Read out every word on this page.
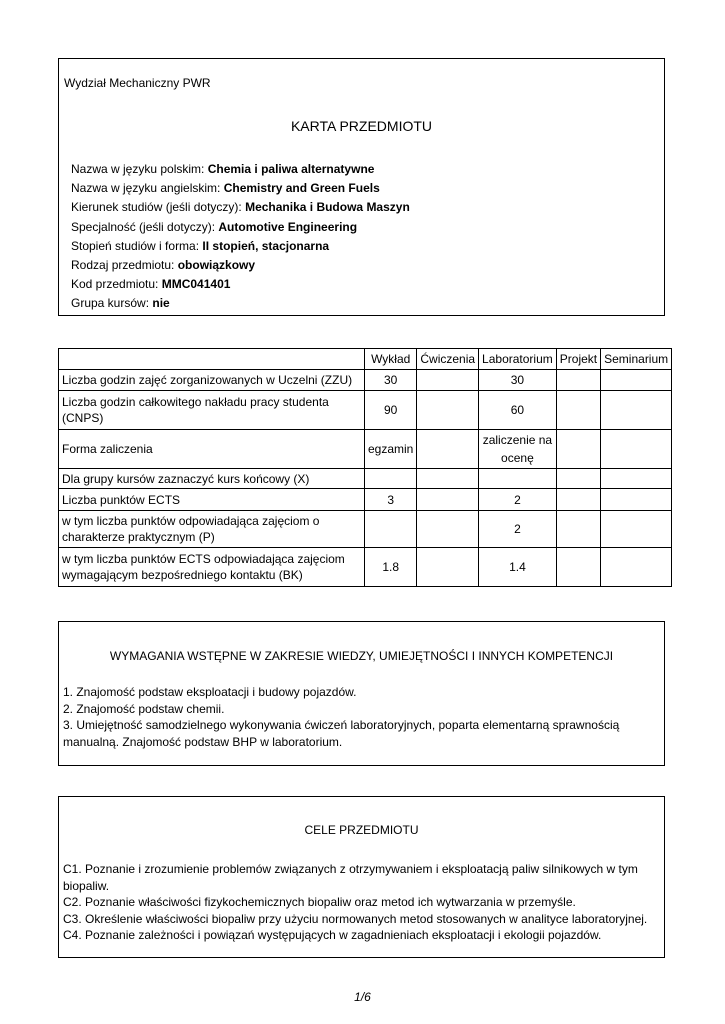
Wydział Mechaniczny PWR
KARTA PRZEDMIOTU
Nazwa w języku polskim: Chemia i paliwa alternatywne
Nazwa w języku angielskim: Chemistry and Green Fuels
Kierunek studiów (jeśli dotyczy): Mechanika i Budowa Maszyn
Specjalność (jeśli dotyczy): Automotive Engineering
Stopień studiów i forma: II stopień, stacjonarna
Rodzaj przedmiotu: obowiązkowy
Kod przedmiotu: MMC041401
Grupa kursów: nie
	Wykład	Ćwiczenia	Laboratorium	Projekt	Seminarium
Liczba godzin zajęć zorganizowanych w Uczelni (ZZU)	30		30		
Liczba godzin całkowitego nakładu pracy studenta (CNPS)	90		60		
Forma zaliczenia	egzamin		zaliczenie na ocenę		
Dla grupy kursów zaznaczyć kurs końcowy (X)					
Liczba punktów ECTS	3		2		
w tym liczba punktów odpowiadająca zajęciom o charakterze praktycznym (P)			2		
w tym liczba punktów ECTS odpowiadająca zajęciom wymagającym bezpośredniego kontaktu (BK)	1.8		1.4		
WYMAGANIA WSTĘPNE W ZAKRESIE WIEDZY, UMIEJĘTNOŚCI I INNYCH KOMPETENCJI
1. Znajomość podstaw eksploatacji i budowy pojazdów.
2. Znajomość podstaw chemii.
3. Umiejętność samodzielnego wykonywania ćwiczeń laboratoryjnych, poparta elementarną sprawnością manualną. Znajomość podstaw BHP w laboratorium.
CELE PRZEDMIOTU
C1. Poznanie i zrozumienie problemów związanych z otrzymywaniem i eksploatacją paliw silnikowych w tym biopaliw.
C2. Poznanie właściwości fizykochemicznych biopaliw oraz metod ich wytwarzania w przemyśle.
C3. Określenie właściwości biopaliw przy użyciu normowanych metod stosowanych w analityce laboratoryjnej.
C4. Poznanie zależności i powiązań występujących w zagadnieniach eksploatacji i ekologii pojazdów.
1/6
